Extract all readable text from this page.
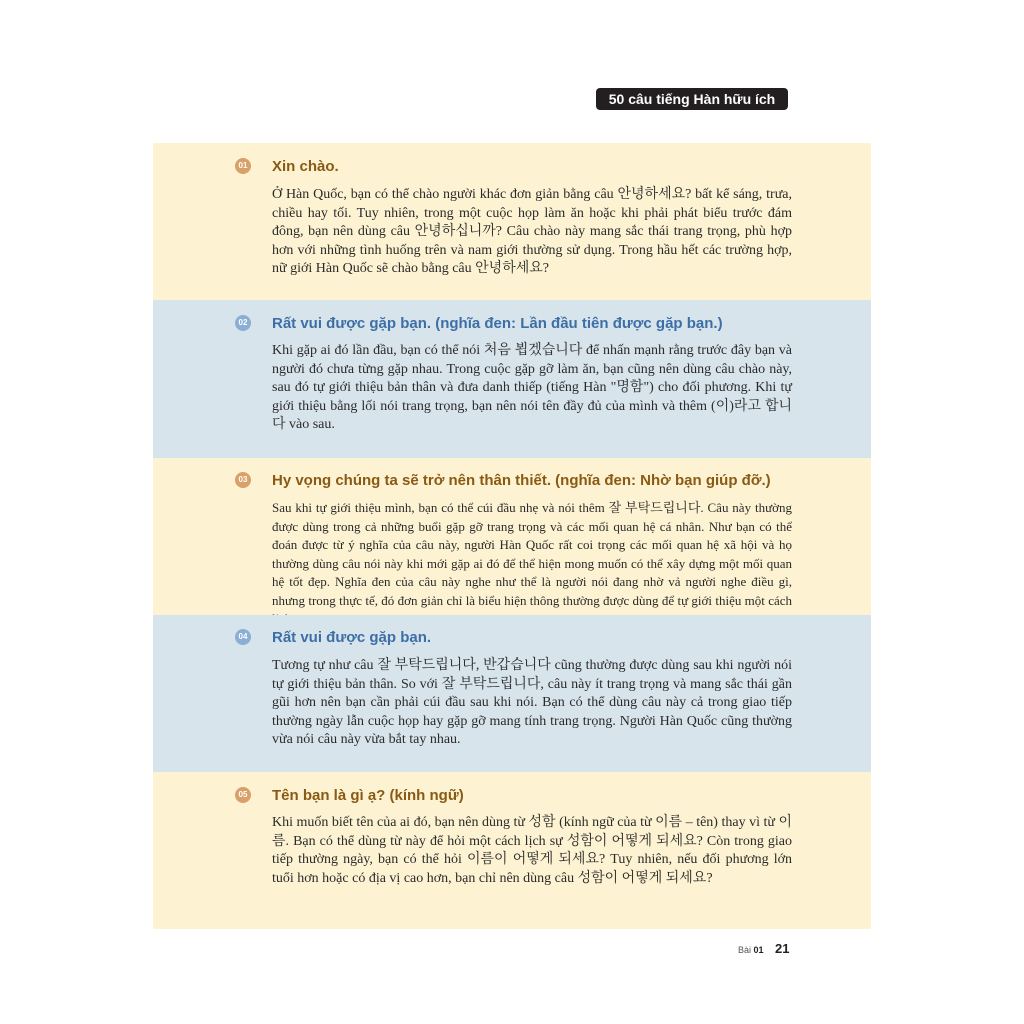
50 câu tiếng Hàn hữu ích
01 Xin chào.
Ở Hàn Quốc, bạn có thể chào người khác đơn giản bằng câu 안녕하세요? bất kể sáng, trưa, chiều hay tối. Tuy nhiên, trong một cuộc họp làm ăn hoặc khi phải phát biểu trước đám đông, bạn nên dùng câu 안녕하십니까? Câu chào này mang sắc thái trang trọng, phù hợp hơn với những tình huống trên và nam giới thường sử dụng. Trong hầu hết các trường hợp, nữ giới Hàn Quốc sẽ chào bằng câu 안녕하세요?
02 Rất vui được gặp bạn. (nghĩa đen: Lần đầu tiên được gặp bạn.)
Khi gặp ai đó lần đầu, bạn có thể nói 처음 뵙겠습니다 để nhấn mạnh rằng trước đây bạn và người đó chưa từng gặp nhau. Trong cuộc gặp gỡ làm ăn, bạn cũng nên dùng câu chào này, sau đó tự giới thiệu bản thân và đưa danh thiếp (tiếng Hàn "명함") cho đối phương. Khi tự giới thiệu bằng lối nói trang trọng, bạn nên nói tên đầy đủ của mình và thêm (이)라고 합니다 vào sau.
03 Hy vọng chúng ta sẽ trở nên thân thiết. (nghĩa đen: Nhờ bạn giúp đỡ.)
Sau khi tự giới thiệu mình, bạn có thể cúi đầu nhẹ và nói thêm 잘 부탁드립니다. Câu này thường được dùng trong cả những buổi gặp gỡ trang trọng và các mối quan hệ cá nhân. Như bạn có thể đoán được từ ý nghĩa của câu này, người Hàn Quốc rất coi trọng các mối quan hệ xã hội và họ thường dùng câu nói này khi mới gặp ai đó để thể hiện mong muốn có thể xây dựng một mối quan hệ tốt đẹp. Nghĩa đen của câu này nghe như thể là người nói đang nhờ vả người nghe điều gì, nhưng trong thực tế, đó đơn giản chỉ là biểu hiện thông thường được dùng để tự giới thiệu một cách
04 Rất vui được gặp bạn.
Tương tự như câu 잘 부탁드립니다, 반갑습니다 cũng thường được dùng sau khi người nói tự giới thiệu bản thân. So với 잘 부탁드립니다, câu này ít trang trọng và mang sắc thái gần gũi hơn nên bạn cần phải cúi đầu sau khi nói. Bạn có thể dùng câu này cả trong giao tiếp thường ngày lẫn cuộc họp hay gặp gỡ mang tính trang trọng. Người Hàn Quốc cũng thường vừa nói câu này vừa bắt tay nhau.
05 Tên bạn là gì ạ? (kính ngữ)
Khi muốn biết tên của ai đó, bạn nên dùng từ 성함 (kính ngữ của từ 이름 – tên) thay vì từ 이름. Bạn có thể dùng từ này để hỏi một cách lịch sự 성함이 어떻게 되세요? Còn trong giao tiếp thường ngày, bạn có thể hỏi 이름이 어떻게 되세요? Tuy nhiên, nếu đối phương lớn tuổi hơn hoặc có địa vị cao hơn, bạn chỉ nên dùng câu 성함이 어떻게 되세요?
Bài 01 21
